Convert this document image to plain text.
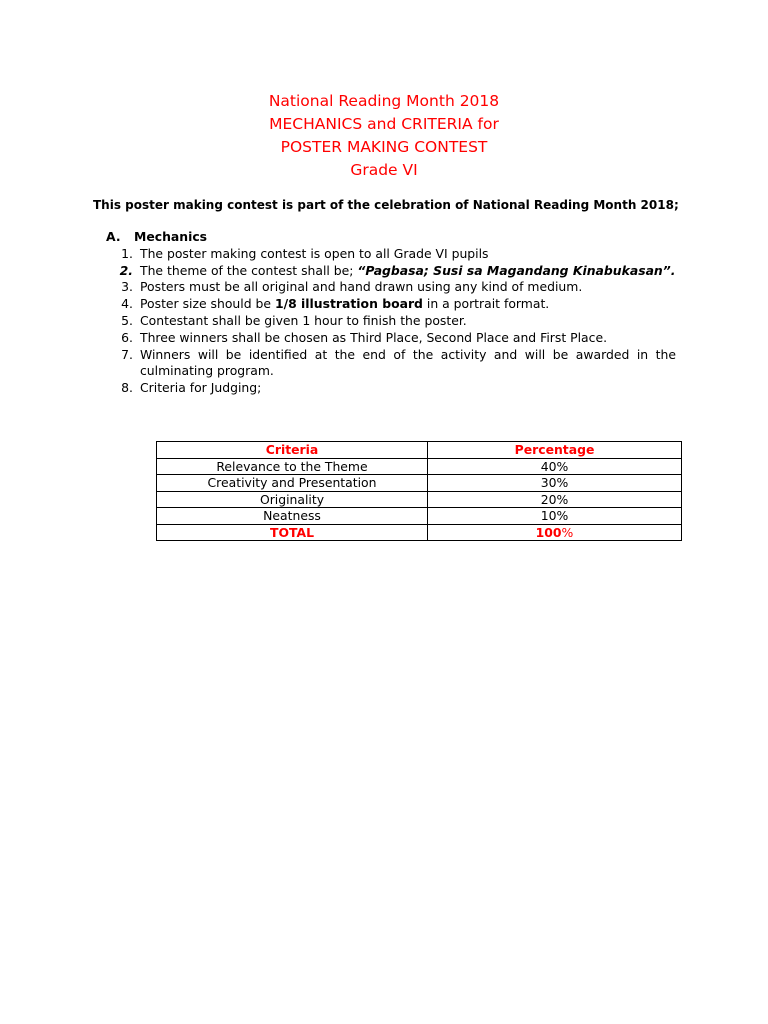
National Reading Month 2018
MECHANICS and CRITERIA for
POSTER MAKING CONTEST
Grade VI
This poster making contest is part of the celebration of National Reading Month 2018;
A.	Mechanics
1. The poster making contest is open to all Grade VI pupils
2. The theme of the contest shall be; “Pagbasa; Susi sa Magandang Kinabukasan”.
3. Posters must be all original and hand drawn using any kind of medium.
4. Poster size should be 1/8 illustration board in a portrait format.
5. Contestant shall be given 1 hour to finish the poster.
6. Three winners shall be chosen as Third Place, Second Place and First Place.
7. Winners will be identified at the end of the activity and will be awarded in the culminating program.
8. Criteria for Judging;
Criteria	Percentage
Relevance to the Theme	40%
Creativity and Presentation	30%
Originality	20%
Neatness	10%
TOTAL	100%
